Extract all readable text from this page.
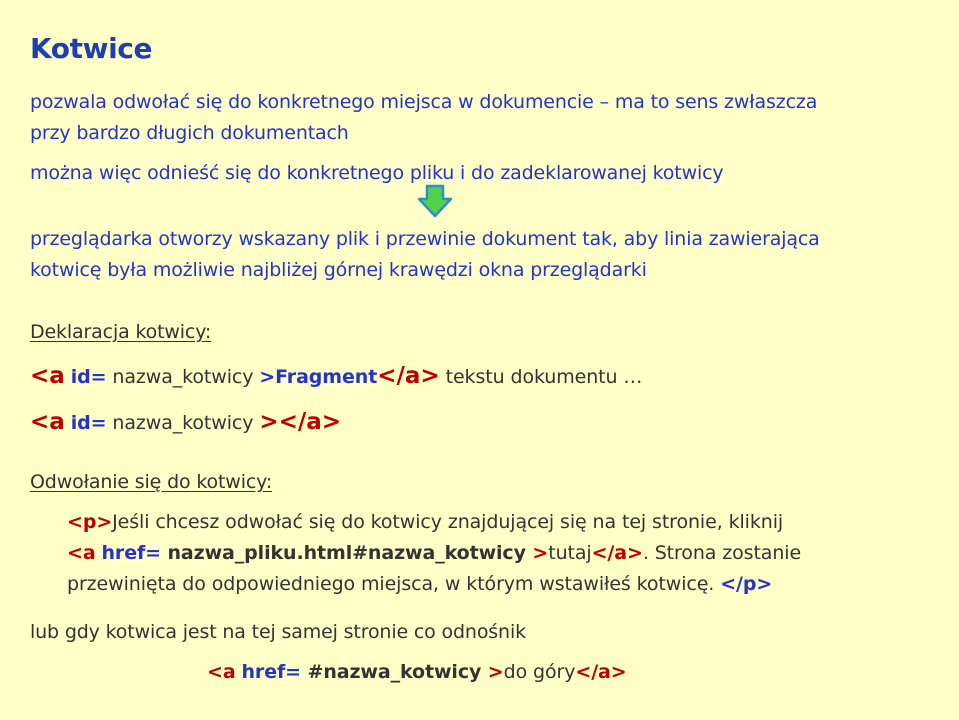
Kotwice
pozwala odwołać się do konkretnego miejsca w dokumencie – ma to sens zwłaszcza
przy bardzo długich dokumentach
można więc odnieść się do konkretnego pliku i do zadeklarowanej kotwicy
przeglądarka otworzy wskazany plik i przewinie dokument tak, aby linia zawierająca
kotwicę była możliwie najbliżej górnej krawędzi okna przeglądarki
Deklaracja kotwicy:
<a id= nazwa_kotwicy >Fragment</a> tekstu dokumentu …
<a id= nazwa_kotwicy ></a>
Odwołanie się do kotwicy:
<p>Jeśli chcesz odwołać się do kotwicy znajdującej się na tej stronie, kliknij
<a href= nazwa_pliku.html#nazwa_kotwicy >tutaj</a>. Strona zostanie
przewinięta do odpowiedniego miejsca, w którym wstawiłeś kotwicę. </p>
lub gdy kotwica jest na tej samej stronie co odnośnik
<a href= #nazwa_kotwicy >do góry</a>
